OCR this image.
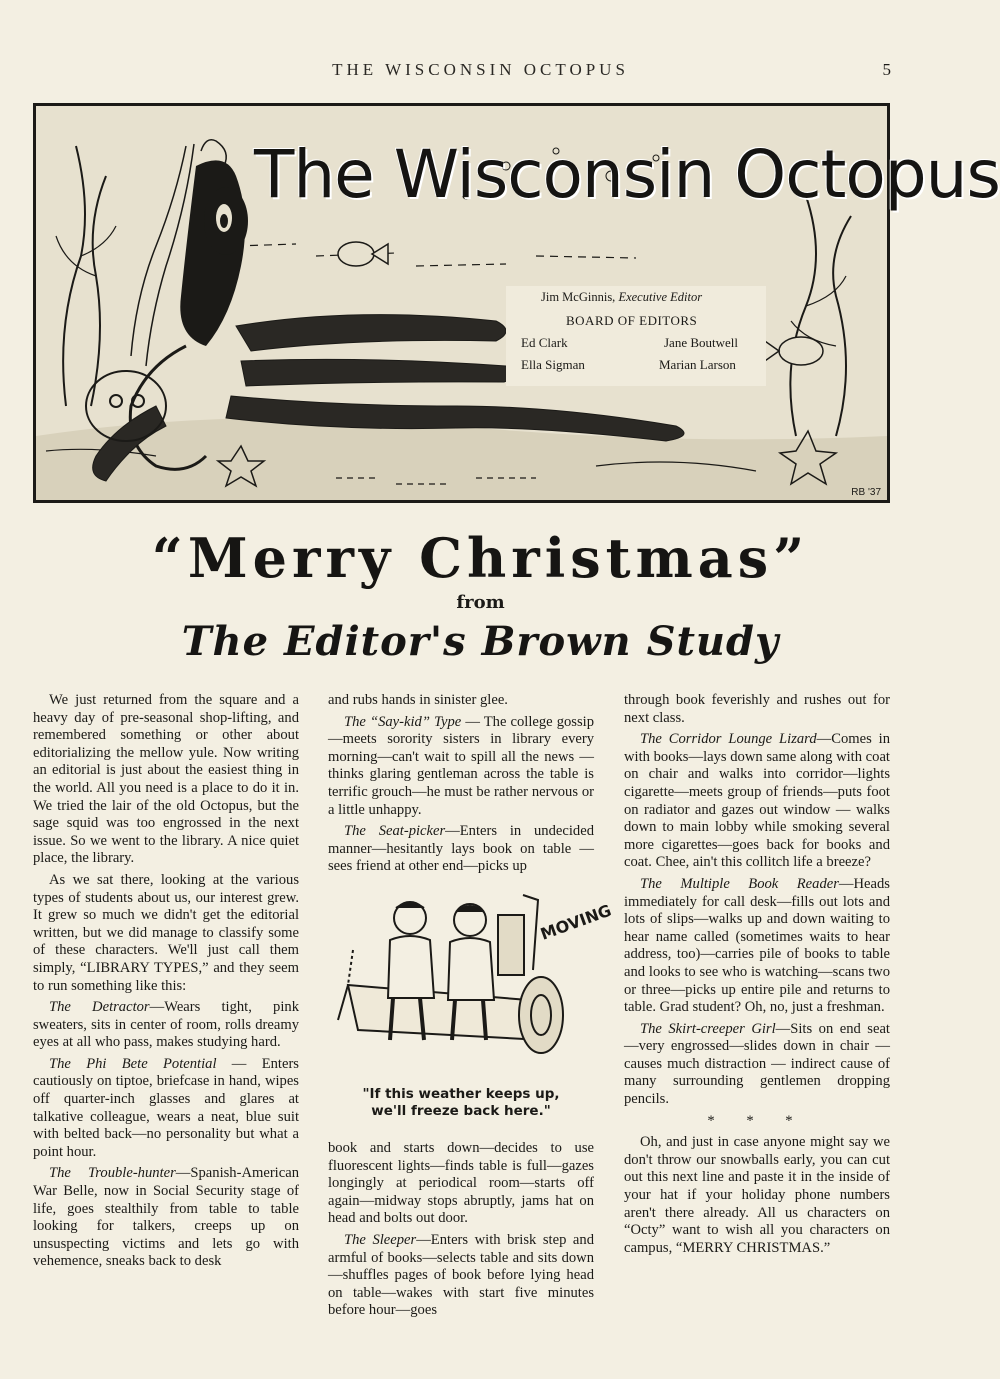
THE WISCONSIN OCTOPUS	5
The Wisconsin Octopus
Jim McGinnis, Executive Editor
BOARD OF EDITORS
Ed Clark	Jane Boutwell
Ella Sigman	Marian Larson
RB '37
“Merry Christmas”
from
The Editor's Brown Study

We just returned from the square and a heavy day of pre-seasonal shop-lifting, and remembered something or other about editorializing the mellow yule. Now writing an editorial is just about the easiest thing in the world. All you need is a place to do it in. We tried the lair of the old Octopus, but the sage squid was too engrossed in the next issue. So we went to the library. A nice quiet place, the library.

As we sat there, looking at the various types of students about us, our interest grew. It grew so much we didn't get the editorial written, but we did manage to classify some of these characters. We'll just call them simply, “LIBRARY TYPES,” and they seem to run something like this:

The Detractor—Wears tight, pink sweaters, sits in center of room, rolls dreamy eyes at all who pass, makes studying hard.

The Phi Bete Potential — Enters cautiously on tiptoe, briefcase in hand, wipes off quarter-inch glasses and glares at talkative colleague, wears a neat, blue suit with belted back—no personality but what a point hour.

The Trouble-hunter—Spanish-American War Belle, now in Social Security stage of life, goes stealthily from table to table looking for talkers, creeps up on unsuspecting victims and lets go with vehemence, sneaks back to desk

and rubs hands in sinister glee.

The “Say-kid” Type — The college gossip—meets sorority sisters in library every morning—can't wait to spill all the news — thinks glaring gentleman across the table is terrific grouch—he must be rather nervous or a little unhappy.

The Seat-picker—Enters in undecided manner—hesitantly lays book on table —sees friend at other end—picks up

MOVING
"If this weather keeps up,
we'll freeze back here."

book and starts down—decides to use fluorescent lights—finds table is full—gazes longingly at periodical room—starts off again—midway stops abruptly, jams hat on head and bolts out door.

The Sleeper—Enters with brisk step and armful of books—selects table and sits down—shuffles pages of book before lying head on table—wakes with start five minutes before hour—goes

through book feverishly and rushes out for next class.

The Corridor Lounge Lizard—Comes in with books—lays down same along with coat on chair and walks into corridor—lights cigarette—meets group of friends—puts foot on radiator and gazes out window — walks down to main lobby while smoking several more cigarettes—goes back for books and coat. Chee, ain't this collitch life a breeze?

The Multiple Book Reader—Heads immediately for call desk—fills out lots and lots of slips—walks up and down waiting to hear name called (sometimes waits to hear address, too)—carries pile of books to table and looks to see who is watching—scans two or three—picks up entire pile and returns to table. Grad student? Oh, no, just a freshman.

The Skirt-creeper Girl—Sits on end seat—very engrossed—slides down in chair — causes much distraction — indirect cause of many surrounding gentlemen dropping pencils.

* * *

Oh, and just in case anyone might say we don't throw our snowballs early, you can cut out this next line and paste it in the inside of your hat if your holiday phone numbers aren't there already. All us characters on “Octy” want to wish all you characters on campus, “MERRY CHRISTMAS.”
